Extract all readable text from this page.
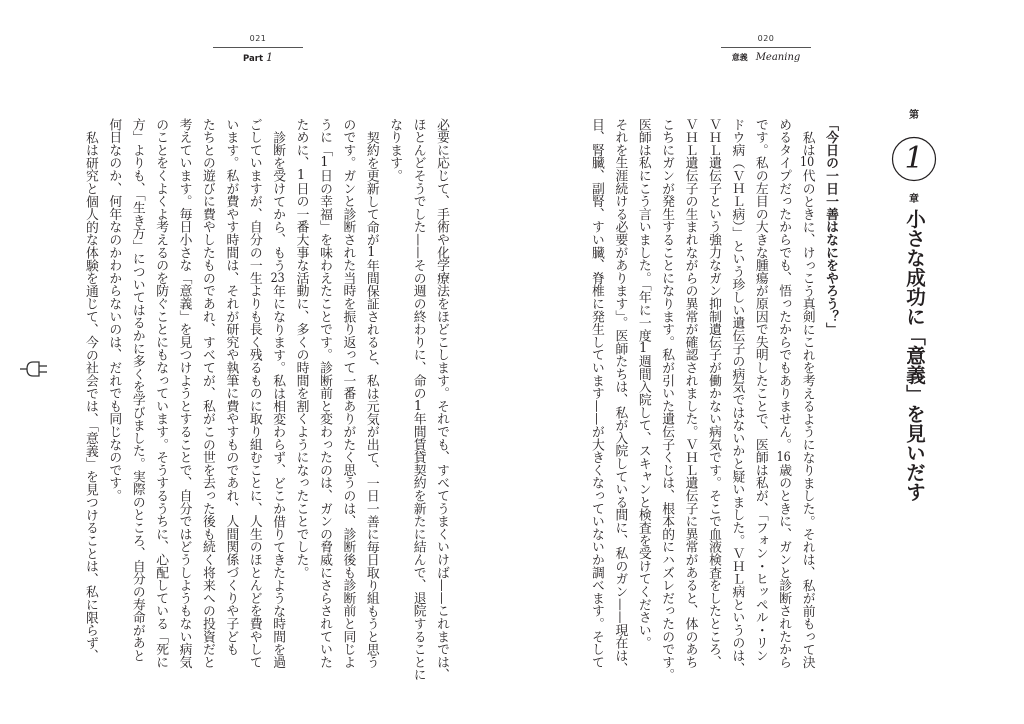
021
Part 1

必要に応じて、手術や化学療法をほどこします。それでも、すべてうまくいけば——これまでは、

ほとんどそうでした——その週の終わりに、命の1年間賃貸契約を新たに結んで、退院することに

なります。

契約を更新して命が1年間保証されると、私は元気が出て、一日一善に毎日取り組もうと思う

のです。ガンと診断された当時を振り返って一番ありがたく思うのは、診断後も診断前と同じよ

うに「1日の幸福」を味わえたことです。診断前と変わったのは、ガンの脅威にさらされていた

ために、1日の一番大事な活動に、多くの時間を割くようになったことでした。

診断を受けてから、もう23年になります。私は相変わらず、どこか借りてきたような時間を過

ごしていますが、自分の一生よりも長く残るものに取り組むことに、人生のほとんどを費やして

います。私が費やす時間は、それが研究や執筆に費やすものであれ、人間関係づくりや子ども

たちとの遊びに費やしたものであれ、すべてが、私がこの世を去った後も続く将来への投資だと

考えています。毎日小さな「意義」を見つけようとすることで、自分ではどうしようもない病気

のことをくよくよ考えるのを防ぐことにもなっています。そうするうちに、心配している「死に

方」よりも、「生き方」についてはるかに多くを学びました。実際のところ、自分の寿命があと

何日なのか、何年なのかわからないのは、だれでも同じなのです。

私は研究と個人的な体験を通じて、今の社会では、「意義」を見つけることは、私に限らず、

020
意義 Meaning
第
1
章
小さな成功に「意義」を見いだす

「今日の一日一善はなにをやろう？」

私は10代のときに、けっこう真剣にこれを考えるようになりました。それは、私が前もって決

めるタイプだったからでも、悟ったからでもありません。16歳のときに、ガンと診断されたから

です。私の左目の大きな腫瘍が原因で失明したことで、医師は私が、「フォン・ヒッペル・リン

ドウ病（ＶＨＬ病）」という珍しい遺伝子の病気ではないかと疑いました。ＶＨＬ病というのは、

ＶＨＬ遺伝子という強力なガン抑制遺伝子が働かない病気です。そこで血液検査をしたところ、

ＶＨＬ遺伝子の生まれながらの異常が確認されました。ＶＨＬ遺伝子に異常があると、体のあち

こちにガンが発生することになります。私が引いた遺伝子くじは、根本的にハズレだったのです。

医師は私にこう言いました。「年に一度1週間入院して、スキャンと検査を受けてください。

それを生涯続ける必要があります」。医師たちは、私が入院している間に、私のガン——現在は、

目、腎臓、副腎、すい臓、脊椎に発生しています——が大きくなっていないか調べます。そして
